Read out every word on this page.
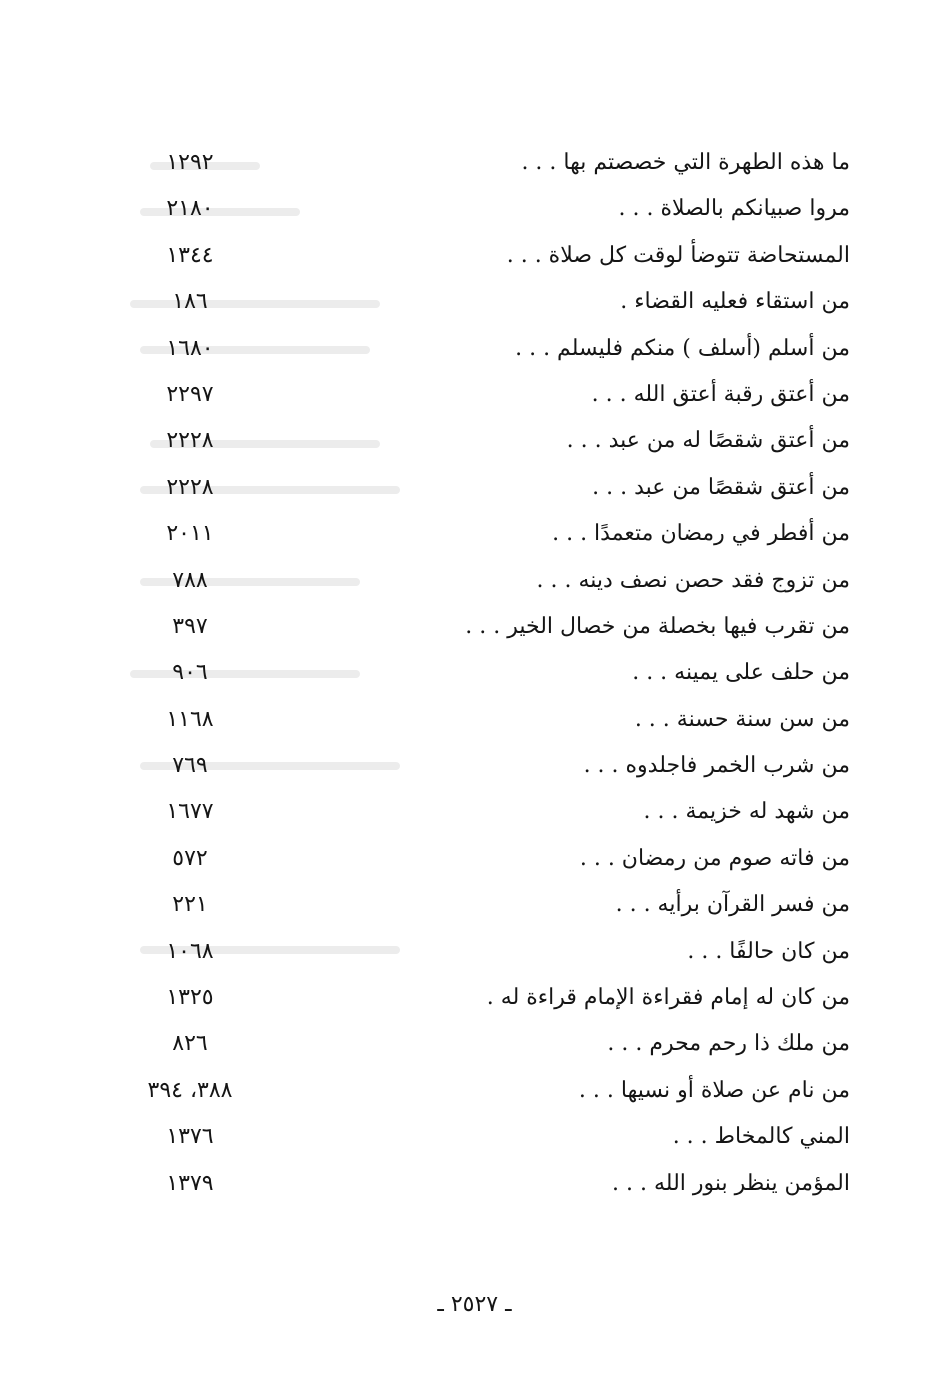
ما هذه الطهرة التي خصصتم بها . . .
١٢٩٢
مروا صبيانكم بالصلاة . . .
٢١٨٠
المستحاضة تتوضأ لوقت كل صلاة . . .
١٣٤٤
من استقاء فعليه القضاء .
١٨٦
من أسلم (أسلف ) منكم فليسلم . . .
١٦٨٠
من أعتق رقبة أعتق الله . . .
٢٢٩٧
من أعتق شقصًا له من عبد . . .
٢٢٢٨
من أعتق شقصًا من عبد . . .
٢٢٢٨
من أفطر في رمضان متعمدًا . . .
٢٠١١
من تزوج فقد حصن نصف دينه . . .
٧٨٨
من تقرب فيها بخصلة من خصال الخير . . .
٣٩٧
من حلف على يمينه . . .
٩٠٦
من سن سنة حسنة . . .
١١٦٨
من شرب الخمر فاجلدوه . . .
٧٦٩
من شهد له خزيمة . . .
١٦٧٧
من فاته صوم من رمضان . . .
٥٧٢
من فسر القرآن برأيه . . .
٢٢١
من كان حالفًا . . .
١٠٦٨
من كان له إمام فقراءة الإمام قراءة له .
١٣٢٥
من ملك ذا رحم محرم . . .
٨٢٦
من نام عن صلاة أو نسيها . . .
٣٨٨، ٣٩٤
المني كالمخاط . . .
١٣٧٦
المؤمن ينظر بنور الله . . .
١٣٧٩
ـ ٢٥٢٧ ـ
